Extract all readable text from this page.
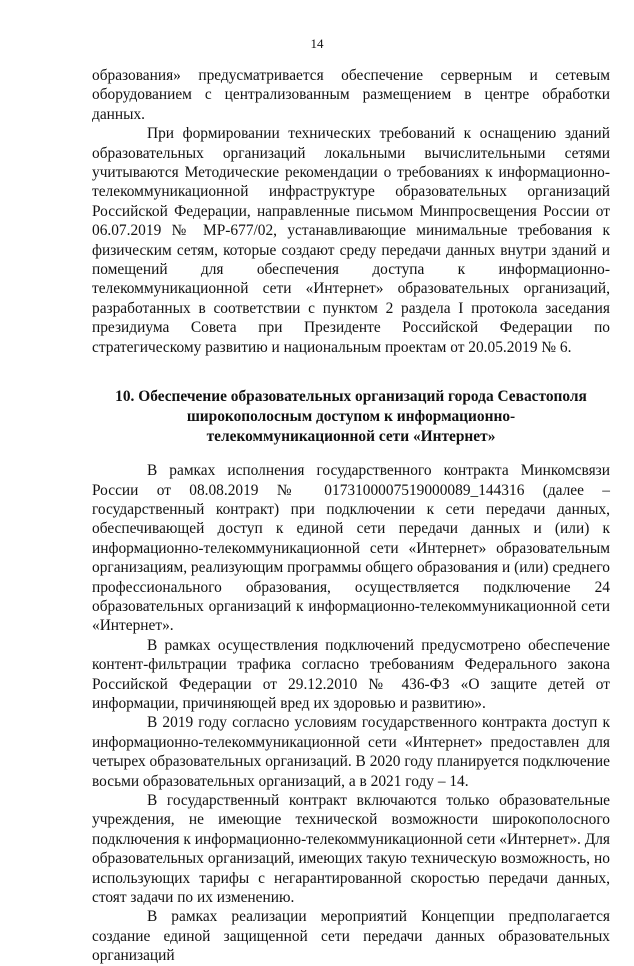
14

образования» предусматривается обеспечение серверным и сетевым оборудованием с централизованным размещением в центре обработки данных.

При формировании технических требований к оснащению зданий образовательных организаций локальными вычислительными сетями учитываются Методические рекомендации о требованиях к информационно-телекоммуникационной инфраструктуре образовательных организаций Российской Федерации, направленные письмом Минпросвещения России от 06.07.2019 № МР-677/02, устанавливающие минимальные требования к физическим сетям, которые создают среду передачи данных внутри зданий и помещений для обеспечения доступа к информационно-телекоммуникационной сети «Интернет» образовательных организаций, разработанных в соответствии с пунктом 2 раздела I протокола заседания президиума Совета при Президенте Российской Федерации по стратегическому развитию и национальным проектам от 20.05.2019 № 6.

10. Обеспечение образовательных организаций города Севастополя
широкополосным доступом к информационно-
телекоммуникационной сети «Интернет»

В рамках исполнения государственного контракта Минкомсвязи России от 08.08.2019 № 0173100007519000089_144316 (далее – государственный контракт) при подключении к сети передачи данных, обеспечивающей доступ к единой сети передачи данных и (или) к информационно-телекоммуникационной сети «Интернет» образовательным организациям, реализующим программы общего образования и (или) среднего профессионального образования, осуществляется подключение 24 образовательных организаций к информационно-телекоммуникационной сети «Интернет».

В рамках осуществления подключений предусмотрено обеспечение контент-фильтрации трафика согласно требованиям Федерального закона Российской Федерации от 29.12.2010 № 436-ФЗ «О защите детей от информации, причиняющей вред их здоровью и развитию».

В 2019 году согласно условиям государственного контракта доступ к информационно-телекоммуникационной сети «Интернет» предоставлен для четырех образовательных организаций. В 2020 году планируется подключение восьми образовательных организаций, а в 2021 году – 14.

В государственный контракт включаются только образовательные учреждения, не имеющие технической возможности широкополосного подключения к информационно-телекоммуникационной сети «Интернет». Для образовательных организаций, имеющих такую техническую возможность, но использующих тарифы с негарантированной скоростью передачи данных, стоят задачи по их изменению.

В рамках реализации мероприятий Концепции предполагается создание единой защищенной сети передачи данных образовательных организаций
